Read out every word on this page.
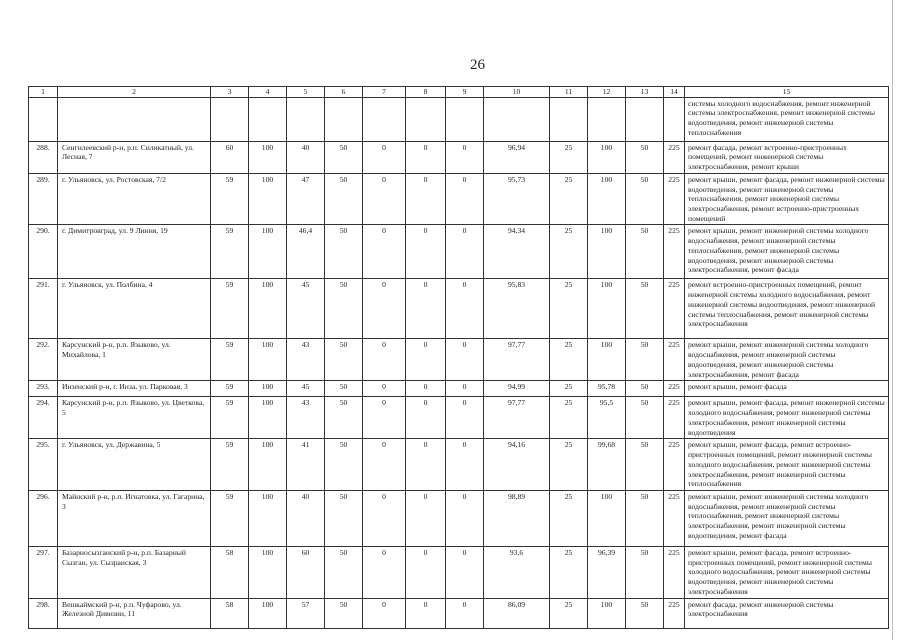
26
1	2	3	4	5	6	7	8	9	10	11	12	13	14	15
														системы холодного водоснабжения, ремонт инженерной системы электроснабжения, ремонт инженерной системы водоотведения, ремонт инженерной системы теплоснабжения
288.	Сенгилеевский р-н, р.п. Силикатный, ул. Лесная, 7	60	100	40	50	0	0	0	96,94	25	100	50	225	ремонт фасада, ремонт встроенно-пристроенных помещений, ремонт инженерной системы электроснабжения, ремонт крыши
289.	г. Ульяновск, ул. Ростовская, 7/2	59	100	47	50	0	0	0	95,73	25	100	50	225	ремонт крыши, ремонт фасада, ремонт инженерной системы водоотведения, ремонт инженерной системы теплоснабжения, ремонт инженерной системы электроснабжения, ремонт встроенно-пристроенных помещений
290.	г. Димитровград, ул. 9 Линия, 19	59	100	46,4	50	0	0	0	94,34	25	100	50	225	ремонт крыши, ремонт инженерной системы холодного водоснабжения, ремонт инженерной системы теплоснабжения, ремонт инженерной системы водоотведения, ремонт инженерной системы электроснабжения, ремонт фасада
291.	г. Ульяновск, ул. Полбина, 4	59	100	45	50	0	0	0	95,83	25	100	50	225	ремонт встроенно-пристроенных помещений, ремонт инженерной системы холодного водоснабжения, ремонт инженерной системы водоотведения, ремонт инженерной системы теплоснабжения, ремонт инженерной системы электроснабжения
292.	Карсунский р-н, р.п. Языково, ул. Михайлова, 1	59	100	43	50	0	0	0	97,77	25	100	50	225	ремонт крыши, ремонт инженерной системы холодного водоснабжения, ремонт инженерной системы водоотведения, ремонт инженерной системы электроснабжения, ремонт фасада
293.	Инзенский р-н, г. Инза, ул. Парковая, 3	59	100	45	50	0	0	0	94,99	25	95,78	50	225	ремонт крыши, ремонт фасада
294.	Карсунский р-н, р.п. Языково, ул. Цветкова, 5	59	100	43	50	0	0	0	97,77	25	95,5	50	225	ремонт крыши, ремонт фасада, ремонт инженерной системы холодного водоснабжения, ремонт инженерной системы электроснабжения, ремонт инженерной системы водоотведения
295.	г. Ульяновск, ул. Державина, 5	59	100	41	50	0	0	0	94,16	25	99,68	50	225	ремонт крыши, ремонт фасада, ремонт встроенно-пристроенных помещений, ремонт инженерной системы холодного водоснабжения, ремонт инженерной системы электроснабжения, ремонт инженерной системы теплоснабжения
296.	Майнский р-н, р.п. Игнатовка, ул. Гагарина, 3	59	100	40	50	0	0	0	98,89	25	100	50	225	ремонт крыши, ремонт инженерной системы холодного водоснабжения, ремонт инженерной системы теплоснабжения, ремонт инженерной системы электроснабжения, ремонт инженерной системы водоотведения, ремонт фасада
297.	Базарносызганский р-н, р.п. Базарный Сызган, ул. Сызранская, 3	58	100	60	50	0	0	0	93,6	25	96,39	50	225	ремонт крыши, ремонт фасада, ремонт встроенно-пристроенных помещений, ремонт инженерной системы холодного водоснабжения, ремонт инженерной системы водоотведения, ремонт инженерной системы электроснабжения
298.	Вешкаймский р-н, р.п. Чуфарово, ул. Железной Дивизии, 11	58	100	57	50	0	0	0	86,09	25	100	50	225	ремонт фасада, ремонт инженерной системы электроснабжения
